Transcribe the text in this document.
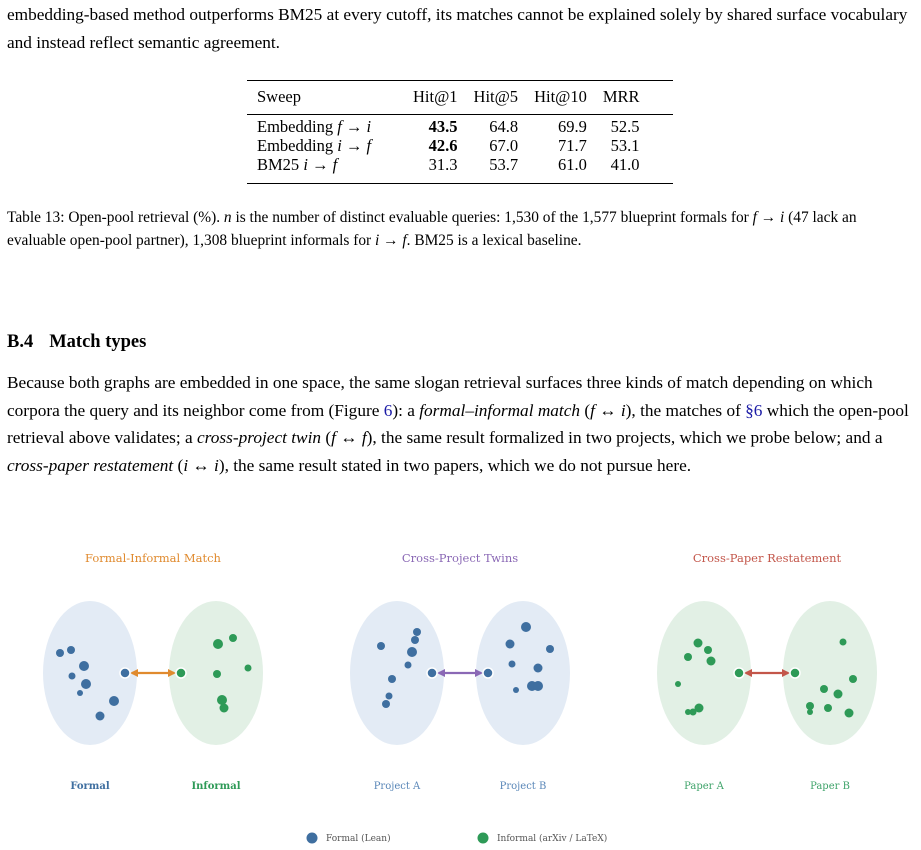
embedding-based method outperforms BM25 at every cutoff, its matches cannot be explained solely by shared surface vocabulary and instead reflect semantic agreement.

Sweep	Hit@1	Hit@5	Hit@10	MRR
Embedding f → i	43.5	64.8	69.9	52.5
Embedding i → f	42.6	67.0	71.7	53.1
BM25 i → f	31.3	53.7	61.0	41.0

Table 13: Open-pool retrieval (%). n is the number of distinct evaluable queries: 1,530 of the 1,577 blueprint formals for f → i (47 lack an evaluable open-pool partner), 1,308 blueprint informals for i → f. BM25 is a lexical baseline.

B.4 Match types

Because both graphs are embedded in one space, the same slogan retrieval surfaces three kinds of match depending on which corpora the query and its neighbor come from (Figure 6): a formal–informal match (f ↔ i), the matches of §6 which the open-pool retrieval above validates; a cross-project twin (f ↔ f), the same result formalized in two projects, which we probe below; and a cross-paper restatement (i ↔ i), the same result stated in two papers, which we do not pursue here.

Formal-Informal Match
Formal	Informal
Cross-Project Twins
Project A	Project B
Cross-Paper Restatement
Paper A	Paper B
Formal (Lean)	Informal (arXiv / LaTeX)
